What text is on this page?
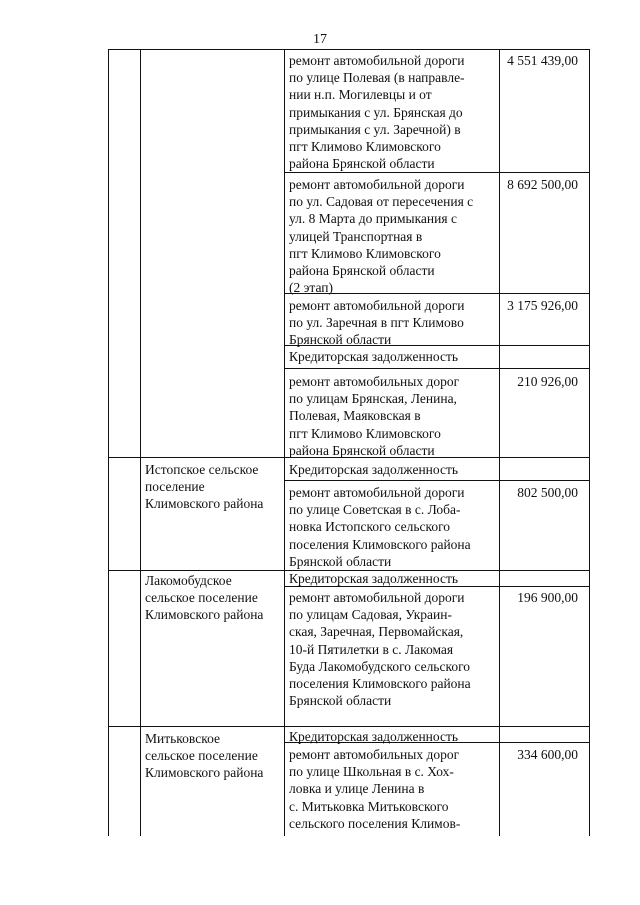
17
ремонт автомобильной дороги
по улице Полевая (в направле-
нии н.п. Могилевцы и от
примыкания с ул. Брянская до
примыкания с ул. Заречной) в
пгт Климово Климовского
района Брянской области
4 551 439,00
ремонт автомобильной дороги
по ул. Садовая от пересечения с
ул. 8 Марта до примыкания с
улицей Транспортная в
пгт Климово Климовского
района Брянской области
(2 этап)
8 692 500,00
ремонт автомобильной дороги
по ул. Заречная в пгт Климово
Брянской области
3 175 926,00
Кредиторская задолженность
ремонт автомобильных дорог
по улицам Брянская, Ленина,
Полевая, Маяковская в
пгт Климово Климовского
района Брянской области
210 926,00
Истопское сельское
поселение
Климовского района
Кредиторская задолженность
ремонт автомобильной дороги
по улице Советская в с. Лоба-
новка Истопского сельского
поселения Климовского района
Брянской области
802 500,00
Лакомобудское
сельское поселение
Климовского района
Кредиторская задолженность
ремонт автомобильной дороги
по улицам Садовая, Украин-
ская, Заречная, Первомайская,
10-й Пятилетки в с. Лакомая
Буда Лакомобудского сельского
поселения Климовского района
Брянской области
196 900,00
Митьковское
сельское поселение
Климовского района
Кредиторская задолженность
ремонт автомобильных дорог
по улице Школьная в с. Хох-
ловка и улице Ленина в
с. Митьковка Митьковского
сельского поселения Климов-
334 600,00
